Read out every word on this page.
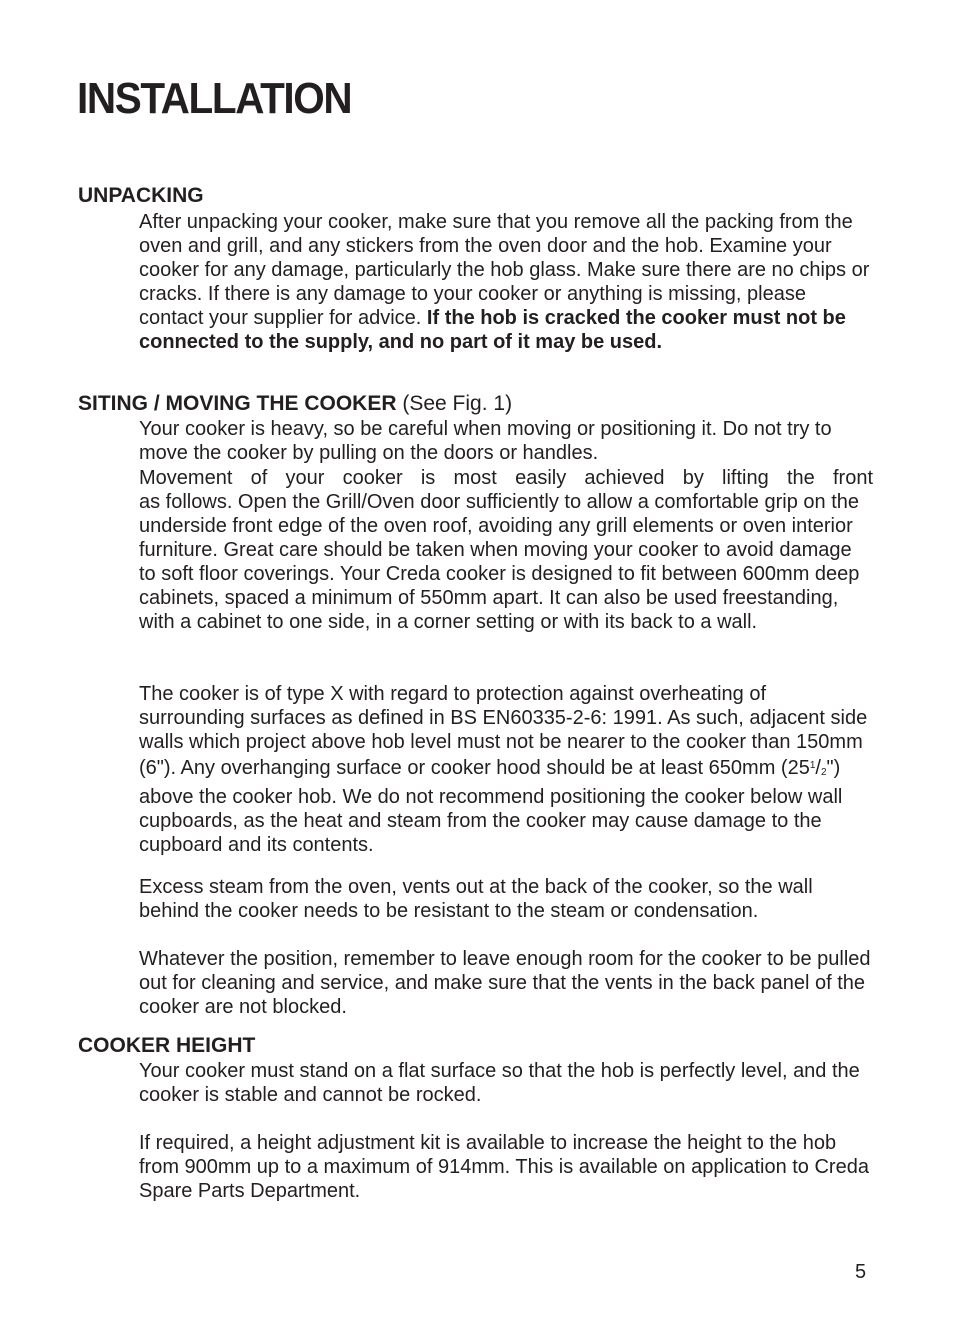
INSTALLATION
UNPACKING

After unpacking your cooker, make sure that you remove all the packing from the oven and grill, and any stickers from the oven door and the hob. Examine your cooker for any damage, particularly the hob glass. Make sure there are no chips or cracks. If there is any damage to your cooker or anything is missing, please contact your supplier for advice. If the hob is cracked the cooker must not be connected to the supply, and no part of it may be used.

SITING / MOVING THE COOKER (See Fig. 1)

Your cooker is heavy, so be careful when moving or positioning it. Do not try to move the cooker by pulling on the doors or handles.

Movement of your cooker is most easily achieved by lifting the front

as follows. Open the Grill/Oven door sufficiently to allow a comfortable grip on the underside front edge of the oven roof, avoiding any grill elements or oven interior furniture. Great care should be taken when moving your cooker to avoid damage to soft floor coverings. Your Creda cooker is designed to fit between 600mm deep cabinets, spaced a minimum of 550mm apart. It can also be used freestanding, with a cabinet to one side, in a corner setting or with its back to a wall.

The cooker is of type X with regard to protection against overheating of surrounding surfaces as defined in BS EN60335-2-6: 1991. As such, adjacent side walls which project above hob level must not be nearer to the cooker than 150mm (6"). Any overhanging surface or cooker hood should be at least 650mm $(25^1/2")$ above the cooker hob. We do not recommend positioning the cooker below wall cupboards, as the heat and steam from the cooker may cause damage to the cupboard and its contents.

Excess steam from the oven, vents out at the back of the cooker, so the wall behind the cooker needs to be resistant to the steam or condensation.

Whatever the position, remember to leave enough room for the cooker to be pulled out for cleaning and service, and make sure that the vents in the back panel of the cooker are not blocked.

COOKER HEIGHT

Your cooker must stand on a flat surface so that the hob is perfectly level, and the cooker is stable and cannot be rocked.

If required, a height adjustment kit is available to increase the height to the hob from 900mm up to a maximum of 914mm. This is available on application to Creda Spare Parts Department.

5
